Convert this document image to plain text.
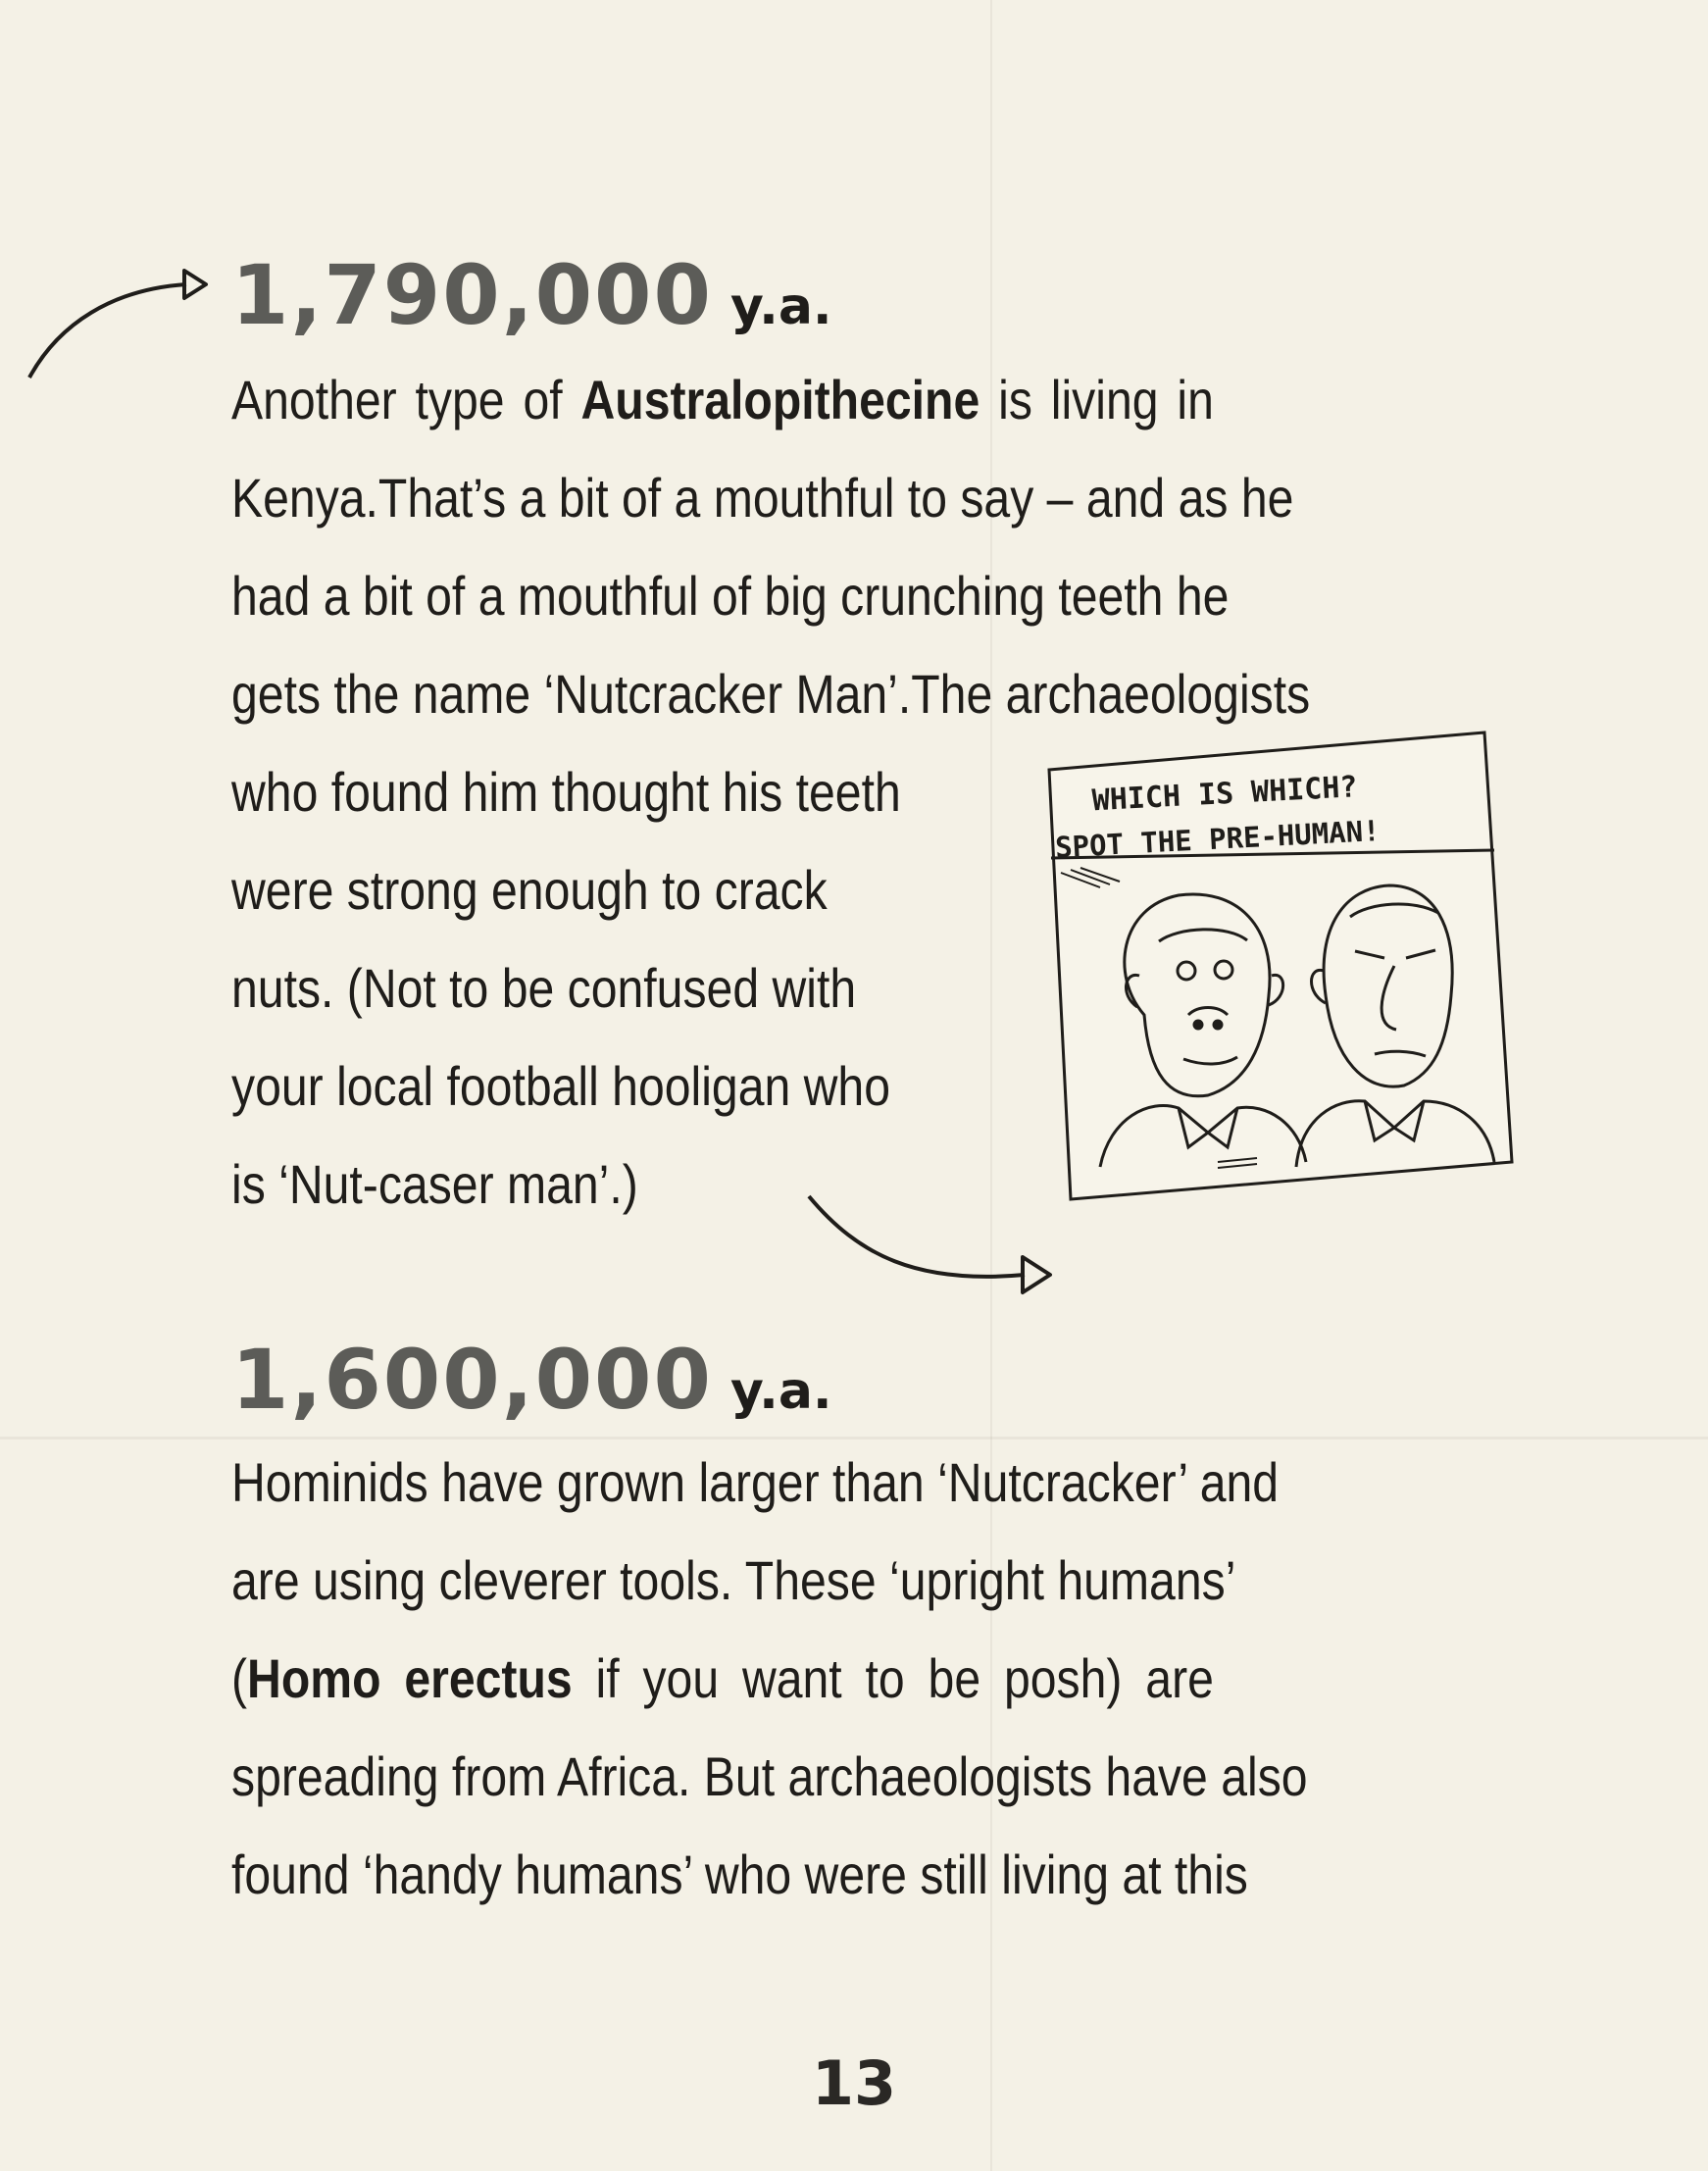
1,790,000 y.a.
Another type of Australopithecine is living in
Kenya.That’s a bit of a mouthful to say – and as he
had a bit of a mouthful of big crunching teeth he
gets the name ‘Nutcracker Man’.The archaeologists
who found him thought his teeth
were strong enough to crack
nuts. (Not to be confused with
your local football hooligan who
is ‘Nut-caser man’.)
WHICH IS WHICH?
SPOT THE PRE-HUMAN!
1,600,000 y.a.
Hominids have grown larger than ‘Nutcracker’ and
are using cleverer tools. These ‘upright humans’
(Homo erectus if you want to be posh) are
spreading from Africa. But archaeologists have also
found ‘handy humans’ who were still living at this
13
